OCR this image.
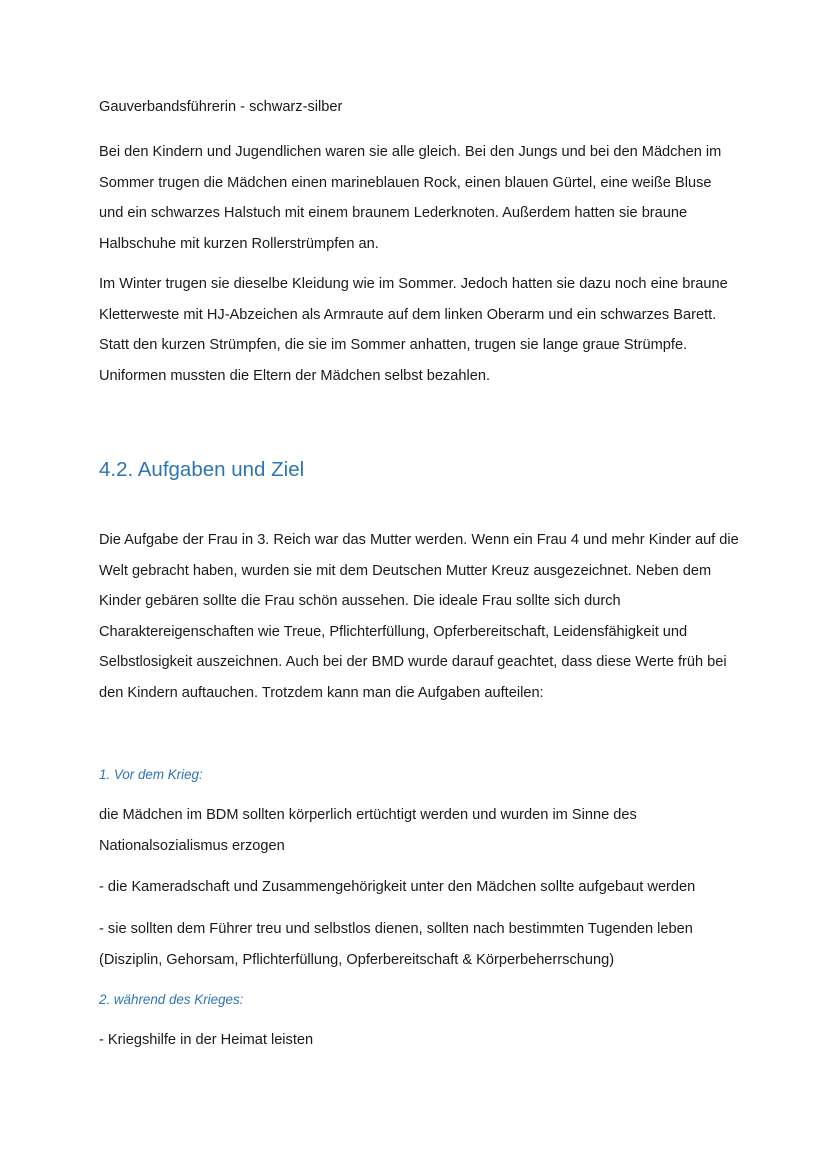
Gauverbandsführerin - schwarz-silber

Bei den Kindern und Jugendlichen waren sie alle gleich. Bei den Jungs und bei den Mädchen im Sommer trugen die Mädchen einen marineblauen Rock, einen blauen Gürtel, eine weiße Bluse und ein schwarzes Halstuch mit einem braunem Lederknoten. Außerdem hatten sie braune Halbschuhe mit kurzen Rollerstrümpfen an.

Im Winter trugen sie dieselbe Kleidung wie im Sommer. Jedoch hatten sie dazu noch eine braune Kletterweste mit HJ-Abzeichen als Armraute auf dem linken Oberarm und ein schwarzes Barett. Statt den kurzen Strümpfen, die sie im Sommer anhatten, trugen sie lange graue Strümpfe. Uniformen mussten die Eltern der Mädchen selbst bezahlen.

4.2. Aufgaben und Ziel

Die Aufgabe der Frau in 3. Reich war das Mutter werden. Wenn ein Frau 4 und mehr Kinder auf die Welt gebracht haben, wurden sie mit dem Deutschen Mutter Kreuz ausgezeichnet. Neben dem Kinder gebären sollte die Frau schön aussehen. Die ideale Frau sollte sich durch Charaktereigenschaften wie Treue, Pflichterfüllung, Opferbereitschaft, Leidensfähigkeit und Selbstlosigkeit auszeichnen. Auch bei der BMD wurde darauf geachtet, dass diese Werte früh bei den Kindern auftauchen. Trotzdem kann man die Aufgaben aufteilen:

1. Vor dem Krieg:

die Mädchen im BDM sollten körperlich ertüchtigt werden und wurden im Sinne des Nationalsozialismus erzogen

- die Kameradschaft und Zusammengehörigkeit unter den Mädchen sollte aufgebaut werden

- sie sollten dem Führer treu und selbstlos dienen, sollten nach bestimmten Tugenden leben (Disziplin, Gehorsam, Pflichterfüllung, Opferbereitschaft & Körperbeherrschung)

2. während des Krieges:

- Kriegshilfe in der Heimat leisten
